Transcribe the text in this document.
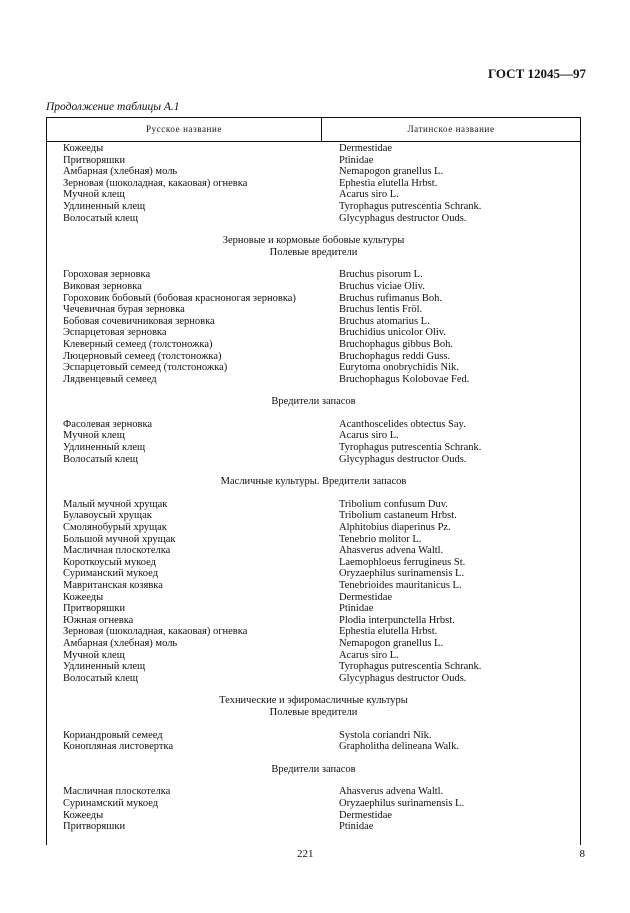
ГОСТ 12045—97
Продолжение таблицы А.1
Русское название	Латинское название
Кожееды	Dermestidae
Притворяшки	Ptinidae
Амбарная (хлебная) моль	Nemapogon granellus L.
Зерновая (шоколадная, какаовая) огневка	Ephestia elutella Hrbst.
Мучной клещ	Acarus siro L.
Удлиненный клещ	Tyrophagus putrescentia Schrank.
Волосатый клещ	Glycyphagus destructor Ouds.
Зерновые и кормовые бобовые культуры
Полевые вредители
Гороховая зерновка	Bruchus pisorum L.
Виковая зерновка	Bruchus viciae Oliv.
Гороховик бобовый (бобовая красноногая зерновка)	Bruchus rufimanus Boh.
Чечевичная бурая зерновка	Bruchus lentis Fröl.
Бобовая сочевичниковая зерновка	Bruchus atomarius L.
Эспарцетовая зерновка	Bruchidius unicolor Oliv.
Клеверный семеед (толстоножка)	Bruchophagus gibbus Boh.
Люцерновый семеед (толстоножка)	Bruchophagus reddi Guss.
Эспарцетовый семеед (толстоножка)	Eurytoma onobrychidis Nik.
Лядвенцевый семеед	Bruchophagus Kolobovae Fed.
Вредители запасов
Фасолевая зерновка	Acanthoscelides obtectus Say.
Мучной клещ	Acarus siro L.
Удлиненный клещ	Tyrophagus putrescentia Schrank.
Волосатый клещ	Glycyphagus destructor Ouds.
Масличные культуры. Вредители запасов
Малый мучной хрущак	Tribolium confusum Duv.
Булавоусый хрущак	Tribolium castaneum Hrbst.
Смолянобурый хрущак	Alphitobius diaperinus Pz.
Большой мучной хрущак	Tenebrio molitor L.
Масличная плоскотелка	Ahasverus advena Waltl.
Короткоусый мукоед	Laemophloeus ferrugineus St.
Суриманский мукоед	Oryzaephilus surinamensis L.
Мавританская козявка	Tenebrioides mauritanicus L.
Кожееды	Dermestidae
Притворяшки	Ptinidae
Южная огневка	Plodia interpunctella Hrbst.
Зерновая (шоколадная, какаовая) огневка	Ephestia elutella Hrbst.
Амбарная (хлебная) моль	Nemapogon granellus L.
Мучной клещ	Acarus siro L.
Удлиненный клещ	Tyrophagus putrescentia Schrank.
Волосатый клещ	Glycyphagus destructor Ouds.
Технические и эфиромасличные культуры
Полевые вредители
Кориандровый семеед	Systola coriandri Nik.
Конопляная листовертка	Grapholitha delineana Walk.
Вредители запасов
Масличная плоскотелка	Ahasverus advena Waltl.
Суринамский мукоед	Oryzaephilus surinamensis L.
Кожееды	Dermestidae
Притворяшки	Ptinidae
221	8
